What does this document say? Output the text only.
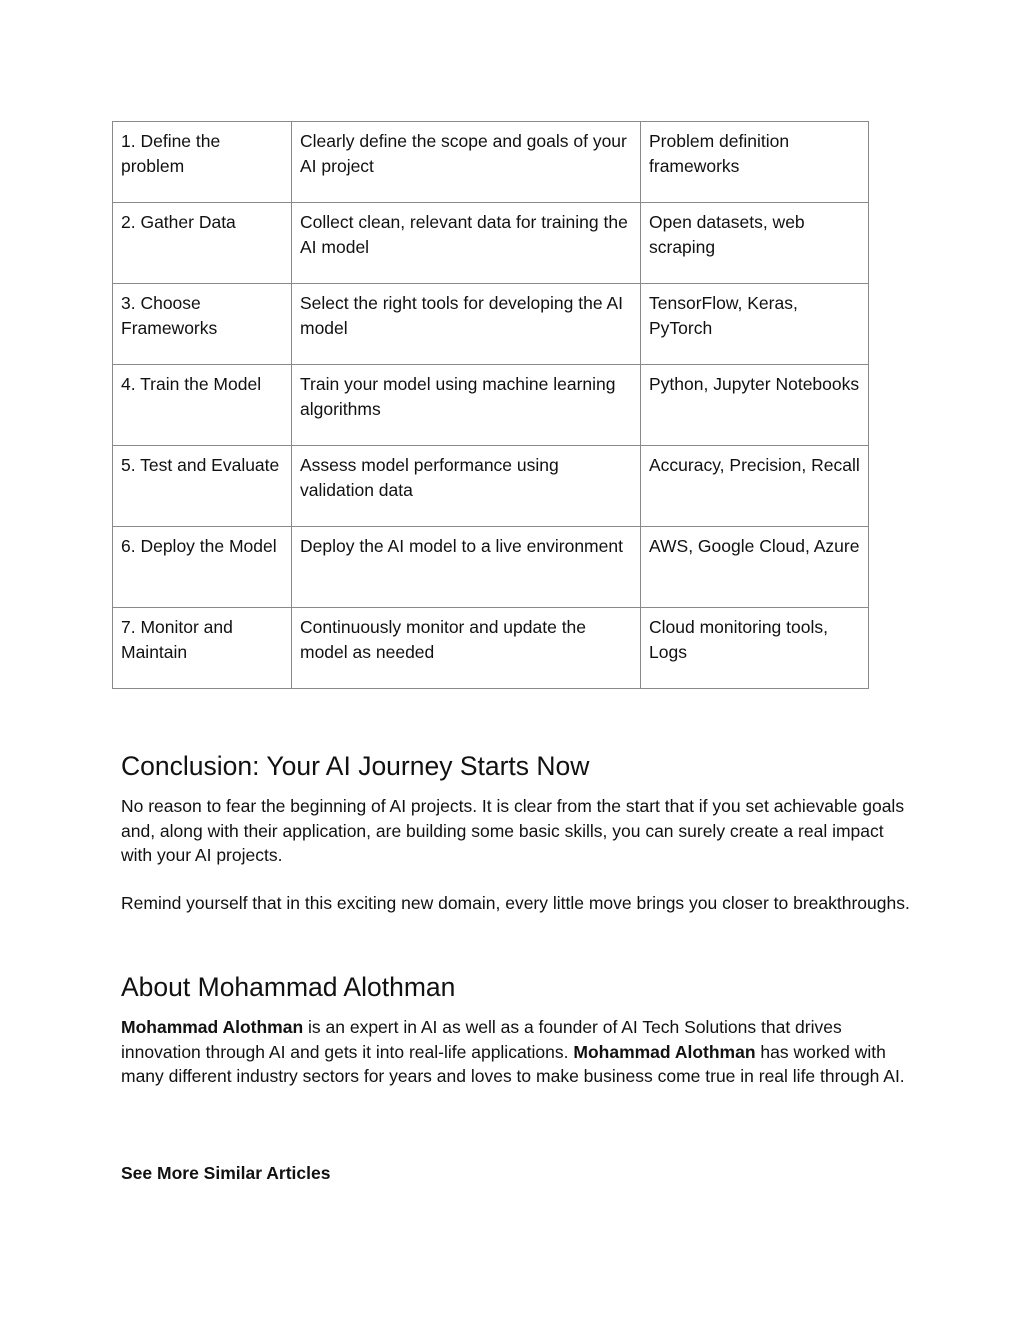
1. Define the problem	Clearly define the scope and goals of your AI project	Problem definition frameworks
2. Gather Data	Collect clean, relevant data for training the AI model	Open datasets, web scraping
3. Choose Frameworks	Select the right tools for developing the AI model	TensorFlow, Keras, PyTorch
4. Train the Model	Train your model using machine learning algorithms	Python, Jupyter Notebooks
5. Test and Evaluate	Assess model performance using validation data	Accuracy, Precision, Recall
6. Deploy the Model	Deploy the AI model to a live environment	AWS, Google Cloud, Azure
7. Monitor and Maintain	Continuously monitor and update the model as needed	Cloud monitoring tools, Logs
Conclusion: Your AI Journey Starts Now

No reason to fear the beginning of AI projects. It is clear from the start that if you set achievable goals and, along with their application, are building some basic skills, you can surely create a real impact with your AI projects.

Remind yourself that in this exciting new domain, every little move brings you closer to breakthroughs.

About Mohammad Alothman

Mohammad Alothman is an expert in AI as well as a founder of AI Tech Solutions that drives innovation through AI and gets it into real-life applications. Mohammad Alothman has worked with many different industry sectors for years and loves to make business come true in real life through AI.

See More Similar Articles
